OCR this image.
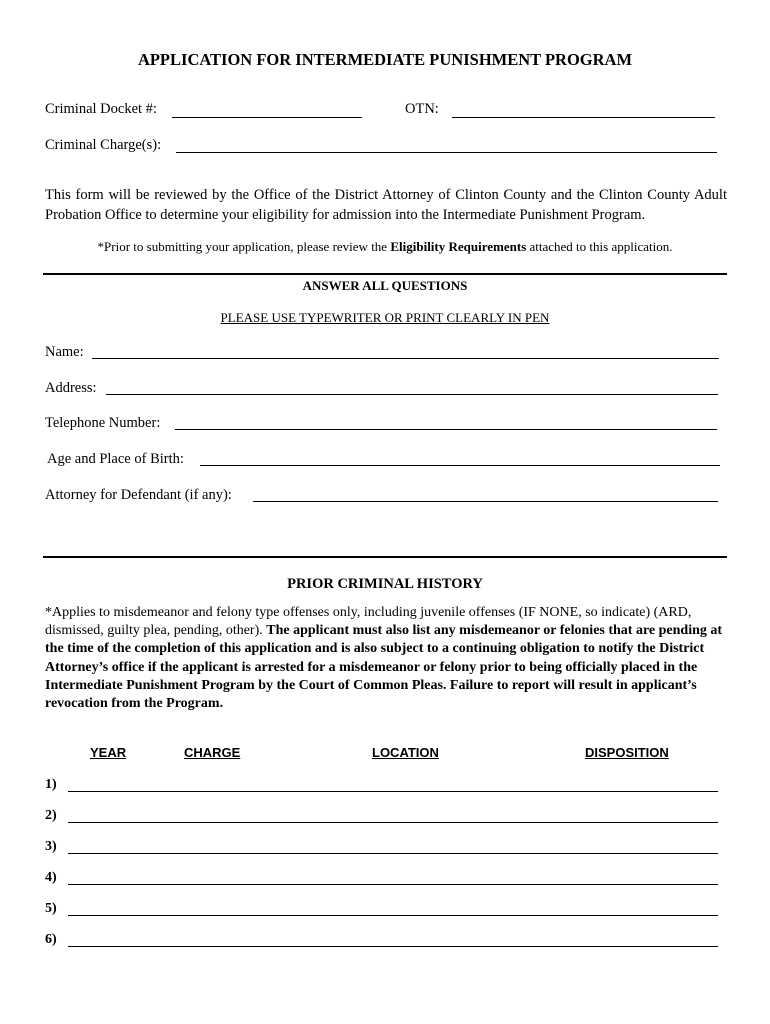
APPLICATION FOR INTERMEDIATE PUNISHMENT PROGRAM
Criminal Docket #:	OTN:
Criminal Charge(s):
This form will be reviewed by the Office of the District Attorney of Clinton County and the Clinton County Adult Probation Office to determine your eligibility for admission into the Intermediate Punishment Program.
*Prior to submitting your application, please review the Eligibility Requirements attached to this application.
ANSWER ALL QUESTIONS
PLEASE USE TYPEWRITER OR PRINT CLEARLY IN PEN
Name:
Address:
Telephone Number:
Age and Place of Birth:
Attorney for Defendant (if any):
PRIOR CRIMINAL HISTORY
*Applies to misdemeanor and felony type offenses only, including juvenile offenses (IF NONE, so indicate) (ARD, dismissed, guilty plea, pending, other). The applicant must also list any misdemeanor or felonies that are pending at the time of the completion of this application and is also subject to a continuing obligation to notify the District Attorney’s office if the applicant is arrested for a misdemeanor or felony prior to being officially placed in the Intermediate Punishment Program by the Court of Common Pleas. Failure to report will result in applicant’s revocation from the Program.
YEAR	CHARGE	LOCATION	DISPOSITION
1)
2)
3)
4)
5)
6)
